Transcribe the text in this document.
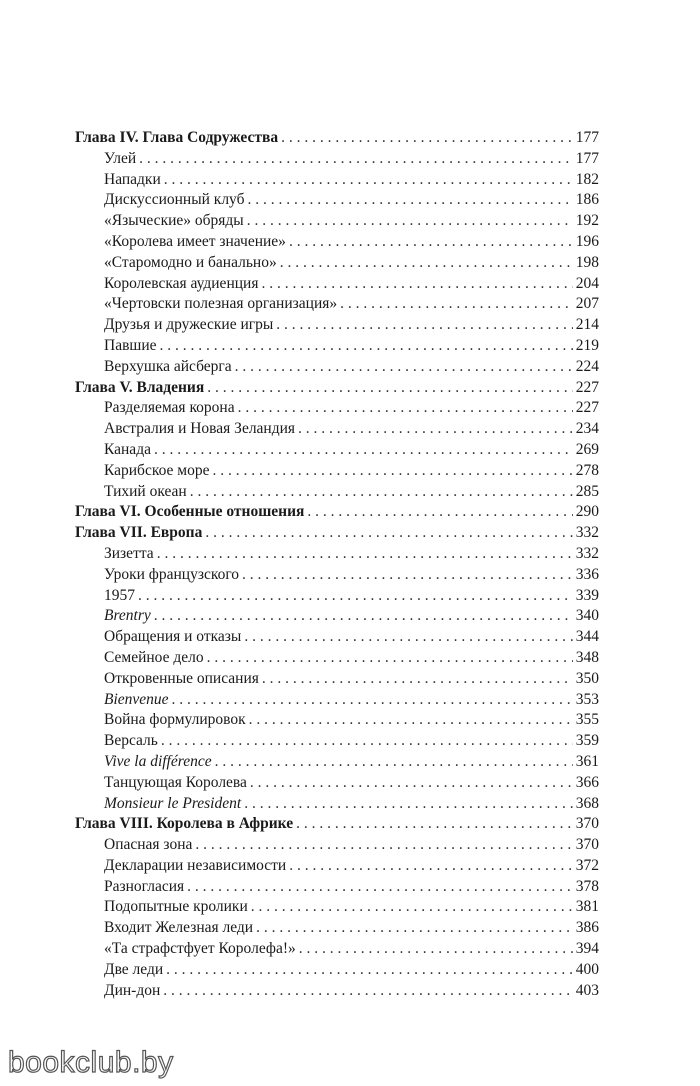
Глава IV. Глава Содружества . . .	177
Улей . . .	177
Нападки . . .	182
Дискуссионный клуб . . .	186
«Языческие» обряды . . .	192
«Королева имеет значение» . . .	196
«Старомодно и банально» . . .	198
Королевская аудиенция . . .	204
«Чертовски полезная организация» . . .	207
Друзья и дружеские игры . . .	214
Павшие . . .	219
Верхушка айсберга . . .	224
Глава V. Владения . . .	227
Разделяемая корона . . .	227
Австралия и Новая Зеландия . . .	234
Канада . . .	269
Карибское море . . .	278
Тихий океан . . .	285
Глава VI. Особенные отношения . . .	290
Глава VII. Европа . . .	332
Зизетта . . .	332
Уроки французского . . .	336
1957 . . .	339
Brentry . . .	340
Обращения и отказы . . .	344
Семейное дело . . .	348
Откровенные описания . . .	350
Bienvenue . . .	353
Война формулировок . . .	355
Версаль . . .	359
Vive la différence . . .	361
Танцующая Королева . . .	366
Monsieur le President . . .	368
Глава VIII. Королева в Африке . . .	370
Опасная зона . . .	370
Декларации независимости . . .	372
Разногласия . . .	378
Подопытные кролики . . .	381
Входит Железная леди . . .	386
«Та страфстфует Королефа!» . . .	394
Две леди . . .	400
Дин-дон . . .	403
bookclub.by
